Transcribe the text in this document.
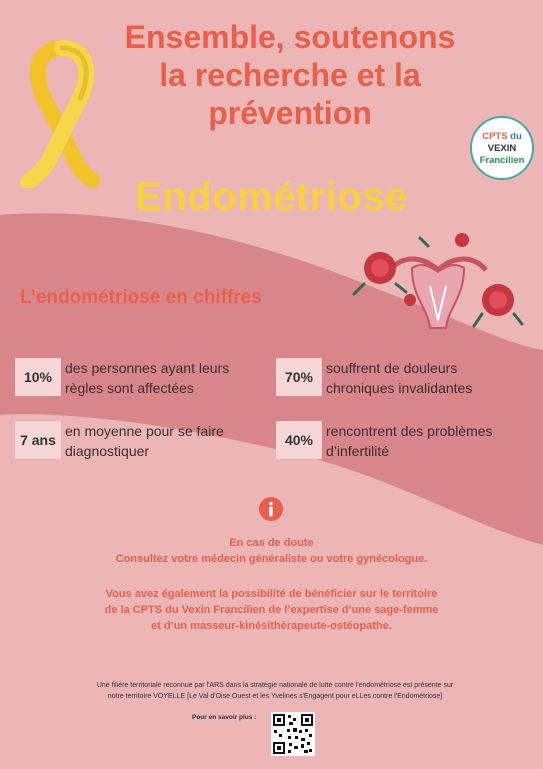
Ensemble, soutenons
la recherche et la
prévention
CPTS du
VEXIN
Francilien
Endométriose
L’endométriose en chiffres
10%
des personnes ayant leurs règles sont affectées
70%
souffrent de douleurs chroniques invalidantes
7 ans
en moyenne pour se faire diagnostiquer
40%
rencontrent des problèmes d’infertilité
En cas de doute
Consultez votre médecin généraliste ou votre gynécologue.
Vous avez également la possibilité de bénéficier sur le territoire
de la CPTS du Vexin Francilien de l’expertise d’une sage-femme
et d’un masseur-kinésithérapeute-ostéopathe.
Une filière territoriale reconnue par l'ARS dans la stratégie nationale de lutte contre l'endométriose est présente sur
notre territoire VOYELLE [Le Val d'Oise Ouest et les Yvelines s'Engagent pour eLLes contre l'Endométriose]
Pour en savoir plus :
